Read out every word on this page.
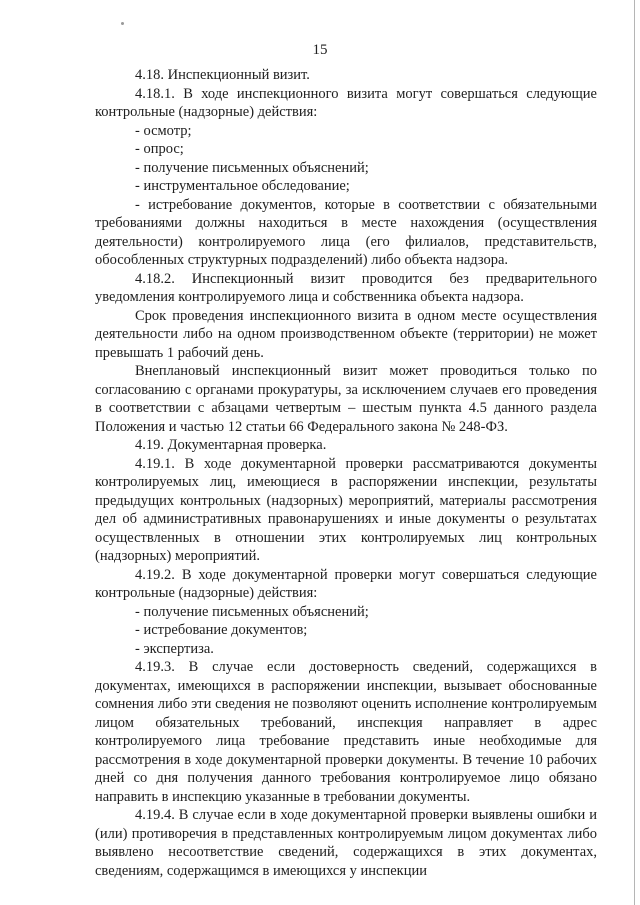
15

4.18. Инспекционный визит.

4.18.1. В ходе инспекционного визита могут совершаться следующие контрольные (надзорные) действия:

- осмотр;

- опрос;

- получение письменных объяснений;

- инструментальное обследование;

- истребование документов, которые в соответствии с обязательными требованиями должны находиться в месте нахождения (осуществления деятельности) контролируемого лица (его филиалов, представительств, обособленных структурных подразделений) либо объекта надзора.

4.18.2. Инспекционный визит проводится без предварительного уведомления контролируемого лица и собственника объекта надзора.

Срок проведения инспекционного визита в одном месте осуществления деятельности либо на одном производственном объекте (территории) не может превышать 1 рабочий день.

Внеплановый инспекционный визит может проводиться только по согласованию с органами прокуратуры, за исключением случаев его проведения в соответствии с абзацами четвертым – шестым пункта 4.5 данного раздела Положения и частью 12 статьи 66 Федерального закона № 248-ФЗ.

4.19. Документарная проверка.

4.19.1. В ходе документарной проверки рассматриваются документы контролируемых лиц, имеющиеся в распоряжении инспекции, результаты предыдущих контрольных (надзорных) мероприятий, материалы рассмотрения дел об административных правонарушениях и иные документы о результатах осуществленных в отношении этих контролируемых лиц контрольных (надзорных) мероприятий.

4.19.2. В ходе документарной проверки могут совершаться следующие контрольные (надзорные) действия:

- получение письменных объяснений;

- истребование документов;

- экспертиза.

4.19.3. В случае если достоверность сведений, содержащихся в документах, имеющихся в распоряжении инспекции, вызывает обоснованные сомнения либо эти сведения не позволяют оценить исполнение контролируемым лицом обязательных требований, инспекция направляет в адрес контролируемого лица требование представить иные необходимые для рассмотрения в ходе документарной проверки документы. В течение 10 рабочих дней со дня получения данного требования контролируемое лицо обязано направить в инспекцию указанные в требовании документы.

4.19.4. В случае если в ходе документарной проверки выявлены ошибки и (или) противоречия в представленных контролируемым лицом документах либо выявлено несоответствие сведений, содержащихся в этих документах, сведениям, содержащимся в имеющихся у инспекции
